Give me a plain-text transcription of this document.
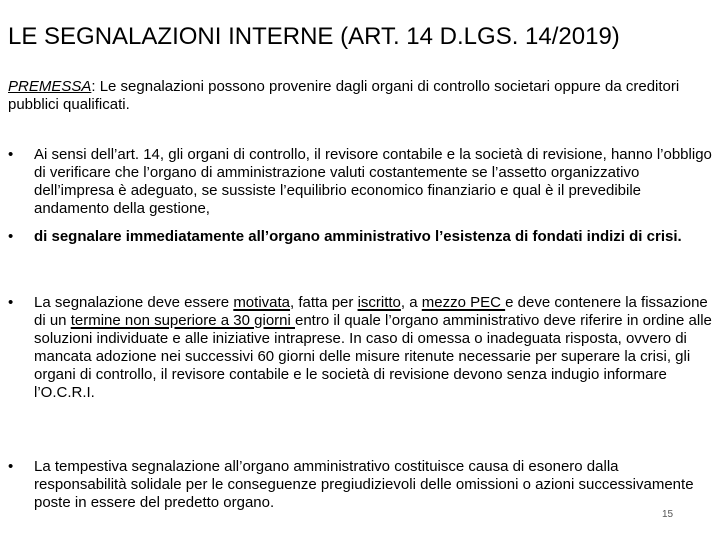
LE SEGNALAZIONI INTERNE (ART. 14 D.LGS. 14/2019)
PREMESSA: Le segnalazioni possono provenire dagli organi di controllo societari oppure da creditori pubblici qualificati.
•	Ai sensi dell’art. 14, gli organi di controllo, il revisore contabile e la società di revisione, hanno l’obbligo di verificare che l’organo di amministrazione valuti costantemente se l’assetto organizzativo dell’impresa è adeguato, se sussiste l’equilibrio economico finanziario e qual è il prevedibile andamento della gestione,
•	di segnalare immediatamente all’organo amministrativo l’esistenza di fondati indizi di crisi.
•	La segnalazione deve essere motivata, fatta per iscritto, a mezzo PEC e deve contenere la fissazione di un termine non superiore a 30 giorni entro il quale l’organo amministrativo deve riferire in ordine alle soluzioni individuate e alle iniziative intraprese. In caso di omessa o inadeguata risposta, ovvero di mancata adozione nei successivi 60 giorni delle misure ritenute necessarie per superare la crisi, gli organi di controllo, il revisore contabile e le società di revisione devono senza indugio informare l’O.C.R.I.
•	La tempestiva segnalazione all’organo amministrativo costituisce causa di esonero dalla responsabilità solidale per le conseguenze pregiudizievoli delle omissioni o azioni successivamente poste in essere del predetto organo.
15
